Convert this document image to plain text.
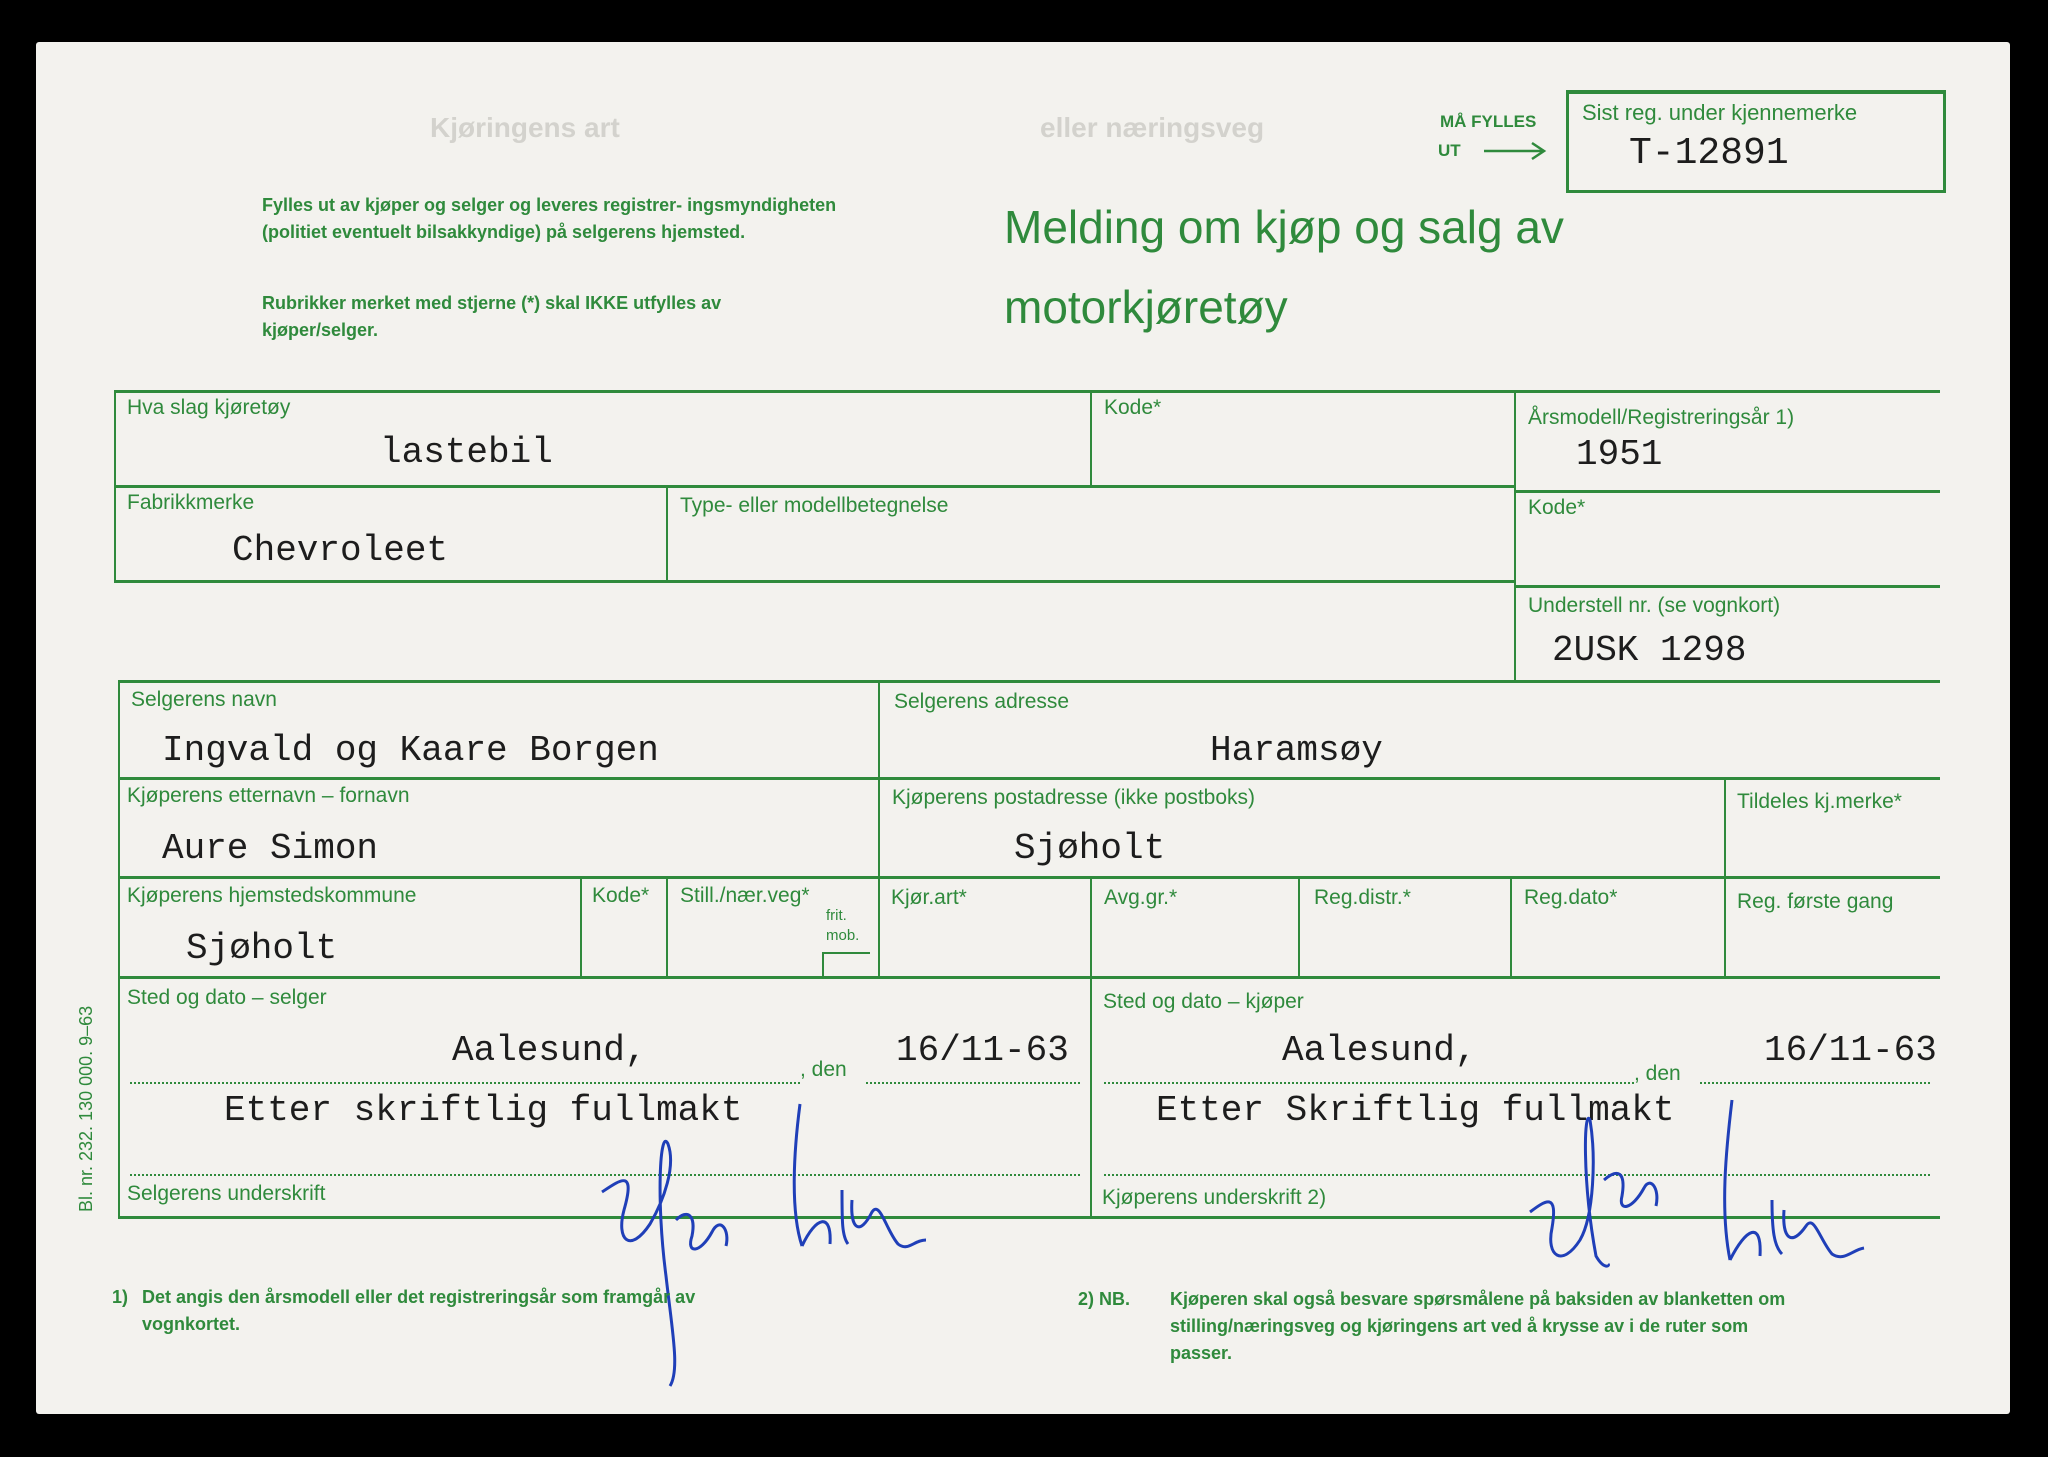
Kjøringens art	eller næringsveg	MÅ FYLLES
UT
Sist reg. under kjennemerke
T-12891
Fylles ut av kjøper og selger og leveres registrer- ingsmyndigheten (politiet eventuelt bilsakkyndige) på selgerens hjemsted.
Rubrikker merket med stjerne (*) skal IKKE utfylles av kjøper/selger.
Melding om kjøp og salg av
motorkjøretøy
Hva slag kjøretøy
lastebil
Kode*	Årsmodell/Registreringsår 1)
1951
Fabrikkmerke
Chevroleet
Type- eller modellbetegnelse	Kode*
Understell nr. (se vognkort)
2USK 1298
Selgerens navn
Ingvald og Kaare Borgen
Selgerens adresse
Haramsøy
Kjøperens etternavn – fornavn
Aure Simon
Kjøperens postadresse (ikke postboks)
Sjøholt
Tildeles kj.merke*
Kjøperens hjemstedskommune
Sjøholt
Kode* Still./nær.veg*
frit. mob.
Kjør.art*	Avg.gr.*	Reg.distr.*	Reg.dato*	Reg. første gang
Sted og dato – selger
Aalesund,	16/11-63
, den
Etter skriftlig fullmakt
Selgerens underskrift
Sted og dato – kjøper
Aalesund,	16/11-63
, den
Etter Skriftlig fullmakt
Kjøperens underskrift 2)
Bl. nr. 232. 130 000. 9–63
1) Det angis den årsmodell eller det registreringsår som framgår av vognkortet.
2) NB. Kjøperen skal også besvare spørsmålene på baksiden av blanketten om stilling/næringsveg og kjøringens art ved å krysse av i de ruter som passer.
